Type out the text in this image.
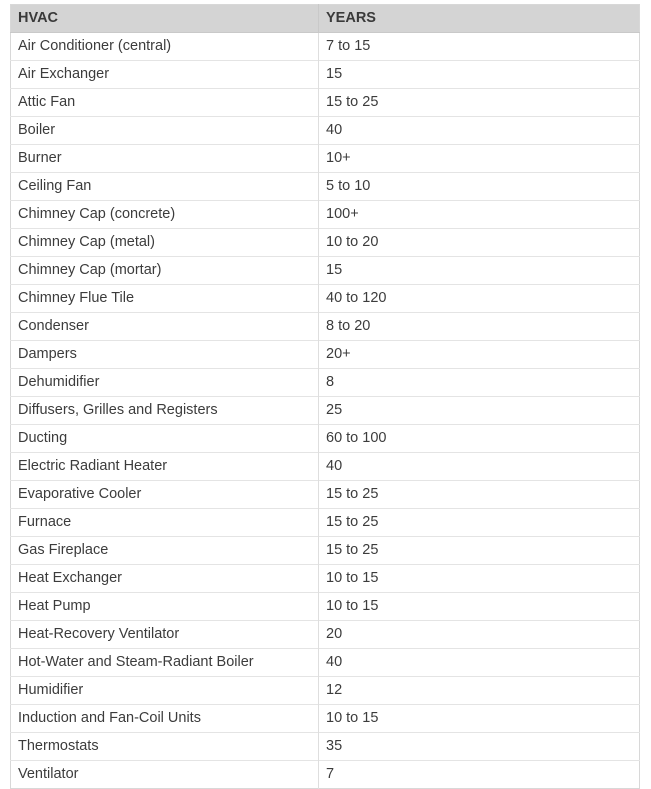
HVAC	YEARS
Air Conditioner (central)	7 to 15
Air Exchanger	15
Attic Fan	15 to 25
Boiler	40
Burner	10+
Ceiling Fan	5 to 10
Chimney Cap (concrete)	100+
Chimney Cap (metal)	10 to 20
Chimney Cap (mortar)	15
Chimney Flue Tile	40 to 120
Condenser	8 to 20
Dampers	20+
Dehumidifier	8
Diffusers, Grilles and Registers	25
Ducting	60 to 100
Electric Radiant Heater	40
Evaporative Cooler	15 to 25
Furnace	15 to 25
Gas Fireplace	15 to 25
Heat Exchanger	10 to 15
Heat Pump	10 to 15
Heat-Recovery Ventilator	20
Hot-Water and Steam-Radiant Boiler	40
Humidifier	12
Induction and Fan-Coil Units	10 to 15
Thermostats	35
Ventilator	7
